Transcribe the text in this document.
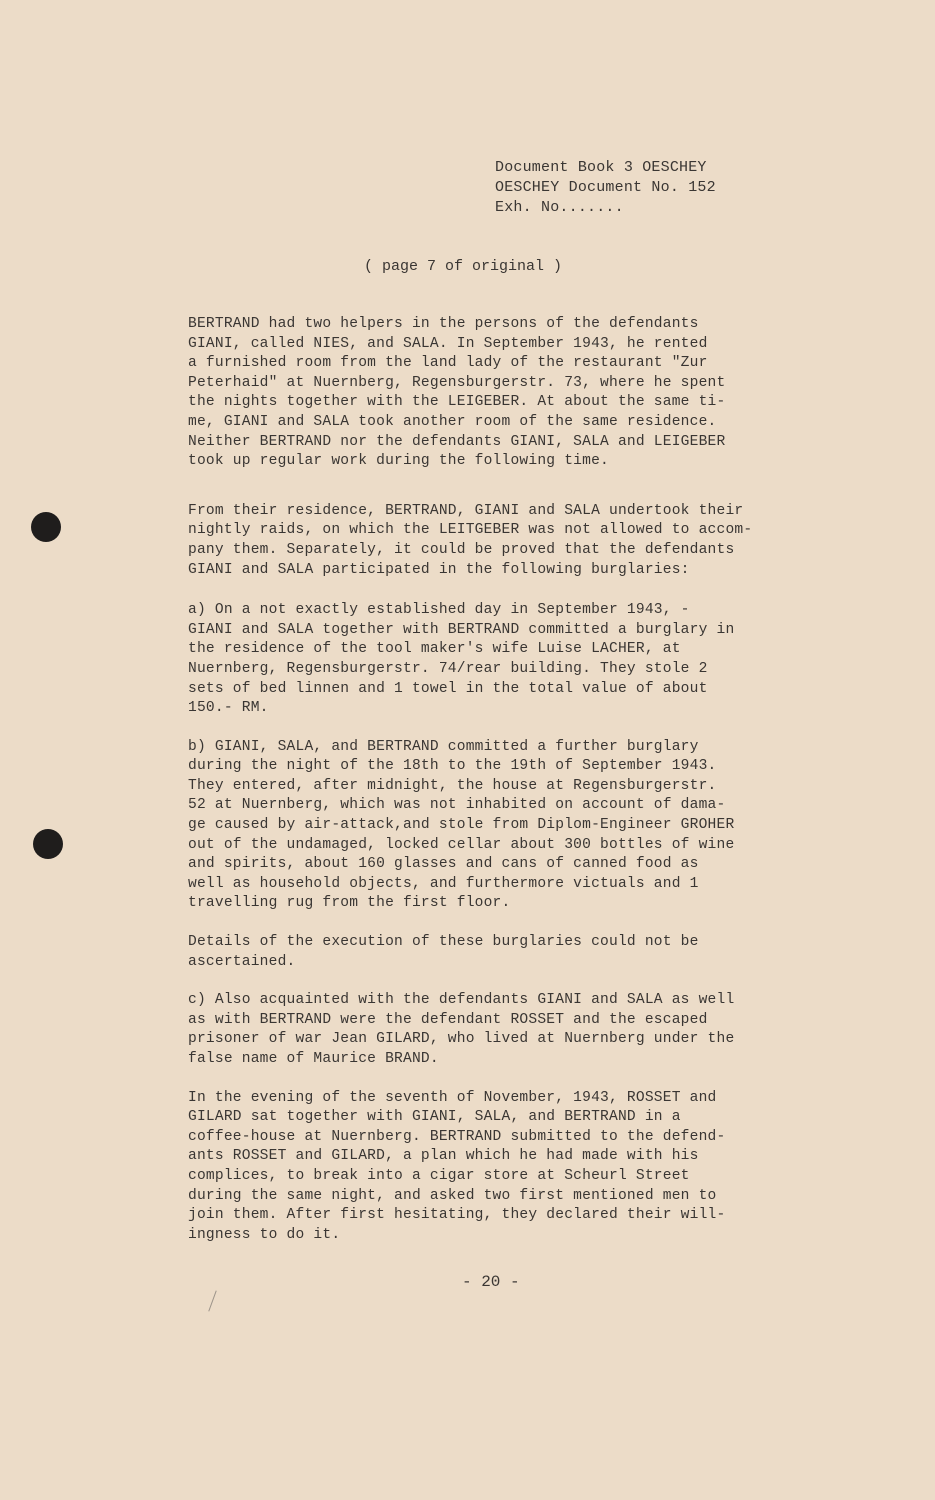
Document Book 3 OESCHEY
OESCHEY Document No. 152
Exh. No.......
( page 7 of original )

BERTRAND had two helpers in the persons of the defendants
GIANI, called NIES, and SALA. In September 1943, he rented
a furnished room from the land lady of the restaurant "Zur
Peterhaid" at Nuernberg, Regensburgerstr. 73, where he spent
the nights together with the LEIGEBER. At about the same ti-
me, GIANI and SALA took another room of the same residence.
Neither BERTRAND nor the defendants GIANI, SALA and LEIGEBER
took up regular work during the following time.

From their residence, BERTRAND, GIANI and SALA undertook their
nightly raids, on which the LEITGEBER was not allowed to accom-
pany them. Separately, it could be proved that the defendants
GIANI and SALA participated in the following burglaries:

a) On a not exactly established day in September 1943, -
GIANI and SALA together with BERTRAND committed a burglary in
the residence of the tool maker's wife Luise LACHER, at
Nuernberg, Regensburgerstr. 74/rear building. They stole 2
sets of bed linnen and 1 towel in the total value of about
150.- RM.

b) GIANI, SALA, and BERTRAND committed a further burglary
during the night of the 18th to the 19th of September 1943.
They entered, after midnight, the house at Regensburgerstr.
52 at Nuernberg, which was not inhabited on account of dama-
ge caused by air-attack,and stole from Diplom-Engineer GROHER
out of the undamaged, locked cellar about 300 bottles of wine
and spirits, about 160 glasses and cans of canned food as
well as household objects, and furthermore victuals and 1
travelling rug from the first floor.

Details of the execution of these burglaries could not be
ascertained.

c) Also acquainted with the defendants GIANI and SALA as well
as with BERTRAND were the defendant ROSSET and the escaped
prisoner of war Jean GILARD, who lived at Nuernberg under the
false name of Maurice BRAND.

In the evening of the seventh of November, 1943, ROSSET and
GILARD sat together with GIANI, SALA, and BERTRAND in a
coffee-house at Nuernberg. BERTRAND submitted to the defend-
ants ROSSET and GILARD, a plan which he had made with his
complices, to break into a cigar store at Scheurl Street
during the same night, and asked two first mentioned men to
join them. After first hesitating, they declared their will-
ingness to do it.

- 20 -
